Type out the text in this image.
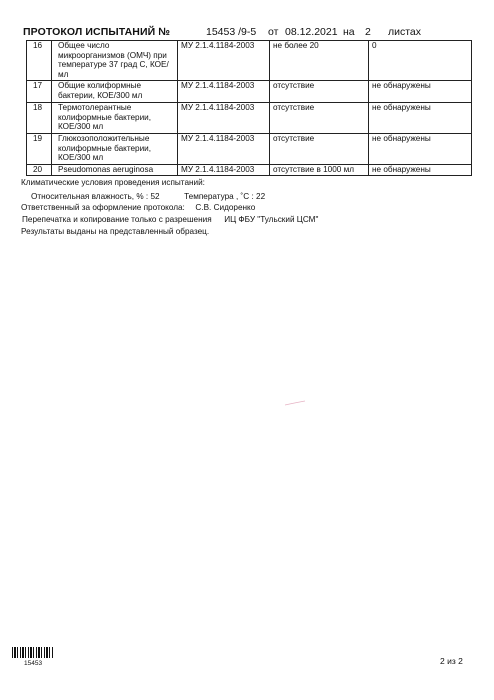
ПРОТОКОЛ ИСПЫТАНИЙ №	15453 /9-5 от 08.12.2021 на 2 листах
16	Общее число микроорганизмов (ОМЧ) при температуре 37 град С, КОЕ/мл	МУ 2.1.4.1184-2003	не более 20	0
17	Общие колиформные бактерии, КОЕ/300 мл	МУ 2.1.4.1184-2003	отсутствие	не обнаружены
18	Термотолерантные колиформные бактерии, КОЕ/300 мл	МУ 2.1.4.1184-2003	отсутствие	не обнаружены
19	Глюкозоположительные колиформные бактерии, КОЕ/300 мл	МУ 2.1.4.1184-2003	отсутствие	не обнаружены
20	Pseudomonas aeruginosa	МУ 2.1.4.1184-2003	отсутствие в 1000 мл	не обнаружены
Климатические условия проведения испытаний:
Относительная влажность, % : 52	Температура , ˚С : 22
Ответственный за оформление протокола: С.В. Сидоренко
Перепечатка и копирование только с разрешения ИЦ ФБУ "Тульский ЦСМ"
Результаты выданы на представленный образец.
15453	2 из 2
